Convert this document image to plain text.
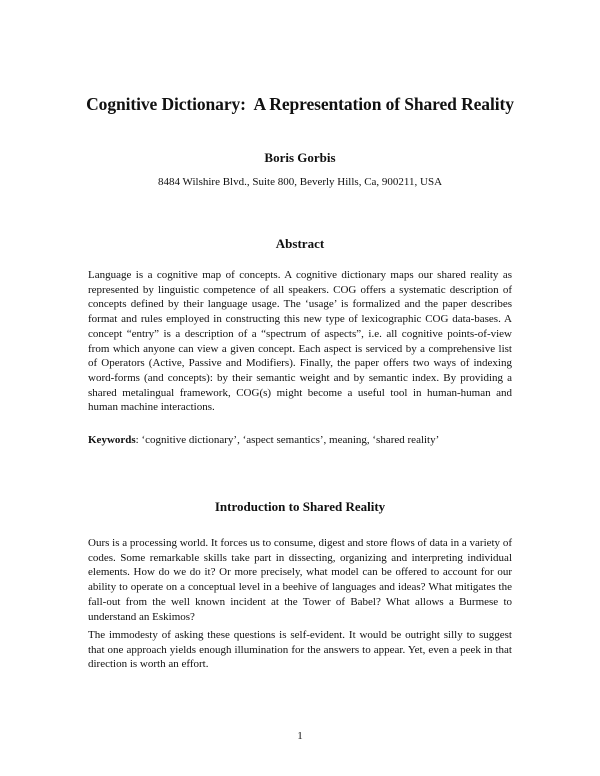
Cognitive Dictionary:  A Representation of Shared Reality
Boris Gorbis
8484 Wilshire Blvd., Suite 800, Beverly Hills, Ca, 900211, USA
Abstract

Language is a cognitive map of concepts. A cognitive dictionary maps our shared reality as represented by linguistic competence of all speakers. COG offers a systematic description of concepts defined by their language usage. The ‘usage’ is formalized and the paper describes format and rules employed in constructing this new type of lexicographic COG data-bases. A concept “entry” is a description of a “spectrum of aspects”, i.e. all cognitive points-of-view from which anyone can view a given concept. Each aspect is serviced by a comprehensive list of Operators (Active, Passive and Modifiers). Finally, the paper offers two ways of indexing word-forms (and concepts): by their semantic weight and by semantic index. By providing a shared metalingual framework, COG(s) might become a useful tool in human-human and human machine interactions.

Keywords: ‘cognitive dictionary’, ‘aspect semantics’, meaning, ‘shared reality’

Introduction to Shared Reality

Ours is a processing world. It forces us to consume, digest and store flows of data in a variety of codes. Some remarkable skills take part in dissecting, organizing and interpreting individual elements. How do we do it? Or more precisely, what model can be offered to account for our ability to operate on a conceptual level in a beehive of languages and ideas? What mitigates the fall-out from the well known incident at the Tower of Babel? What allows a Burmese to understand an Eskimos?

The immodesty of asking these questions is self-evident. It would be outright silly to suggest that one approach yields enough illumination for the answers to appear. Yet, even a peek in that direction is worth an effort.

1
